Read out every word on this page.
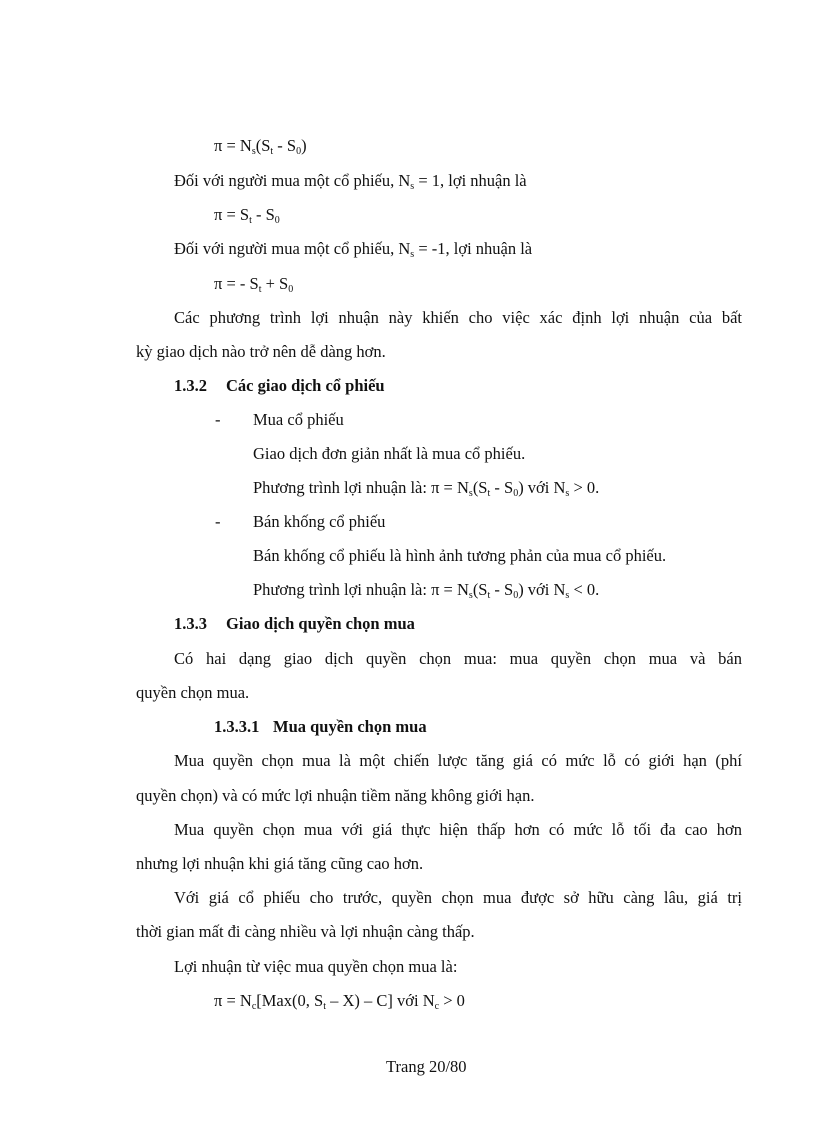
$\pi = N_s(S_t - S_0)$
Đối với người mua một cổ phiếu, $N_s = 1$, lợi nhuận là
$\pi = S_t - S_0$
Đối với người mua một cổ phiếu, $N_s = -1$, lợi nhuận là
π = - $S_t + S_0$
Các phương trình lợi nhuận này khiến cho việc xác định lợi nhuận của bất
kỳ giao dịch nào trở nên dễ dàng hơn.
1.3.2 Các giao dịch cổ phiếu
- Mua cổ phiếu
Giao dịch đơn giản nhất là mua cổ phiếu.
Phương trình lợi nhuận là: $\pi = N_s(S_t - S_0)$ với $N_s > 0$.
- Bán khống cổ phiếu
Bán khống cổ phiếu là hình ảnh tương phản của mua cổ phiếu.
Phương trình lợi nhuận là: $\pi = N_s(S_t - S_0)$ với $N_s < 0$.
1.3.3 Giao dịch quyền chọn mua
Có hai dạng giao dịch quyền chọn mua: mua quyền chọn mua và bán
quyền chọn mua.
1.3.3.1 Mua quyền chọn mua
Mua quyền chọn mua là một chiến lược tăng giá có mức lỗ có giới hạn (phí
quyền chọn) và có mức lợi nhuận tiềm năng không giới hạn.
Mua quyền chọn mua với giá thực hiện thấp hơn có mức lỗ tối đa cao hơn
nhưng lợi nhuận khi giá tăng cũng cao hơn.
Với giá cổ phiếu cho trước, quyền chọn mua được sở hữu càng lâu, giá trị
thời gian mất đi càng nhiều và lợi nhuận càng thấp.
Lợi nhuận từ việc mua quyền chọn mua là:
$\pi = N_c[Max(0$, $S_t - X) - C$] với $N_c > 0$
Trang 20/80
